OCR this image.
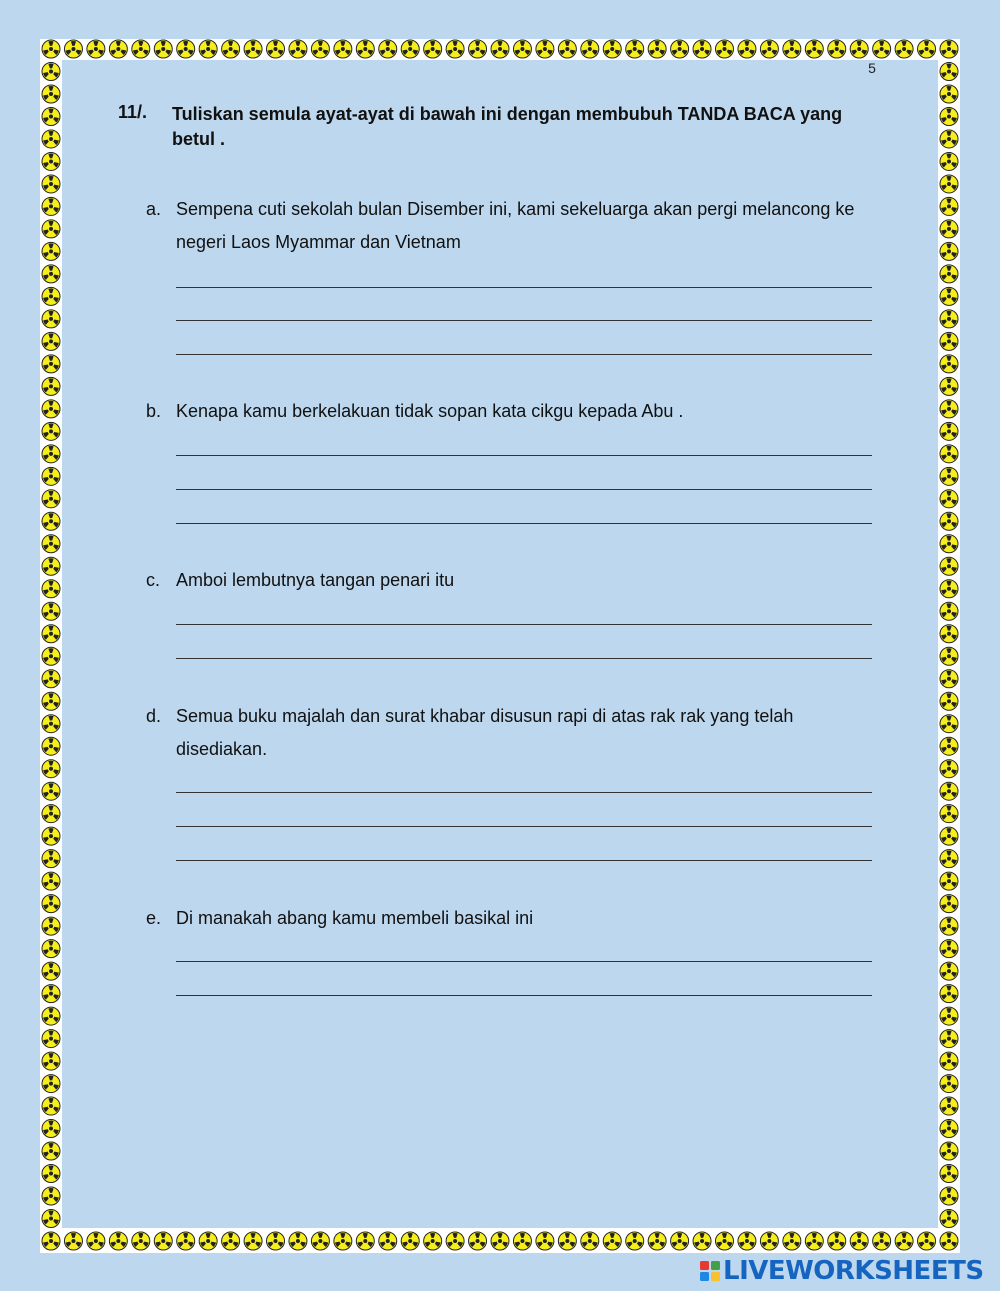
5
11/. Tuliskan semula ayat-ayat di bawah ini dengan membubuh TANDA BACA yang betul .
a. Sempena cuti sekolah bulan Disember ini, kami sekeluarga akan pergi melancong ke negeri Laos Myammar dan Vietnam
b. Kenapa kamu berkelakuan tidak sopan kata cikgu kepada Abu .
c. Amboi lembutnya tangan penari itu
d. Semua buku majalah dan surat khabar disusun rapi di atas rak rak yang telah disediakan.
e. Di manakah abang kamu membeli basikal ini
LIVEWORKSHEETS
